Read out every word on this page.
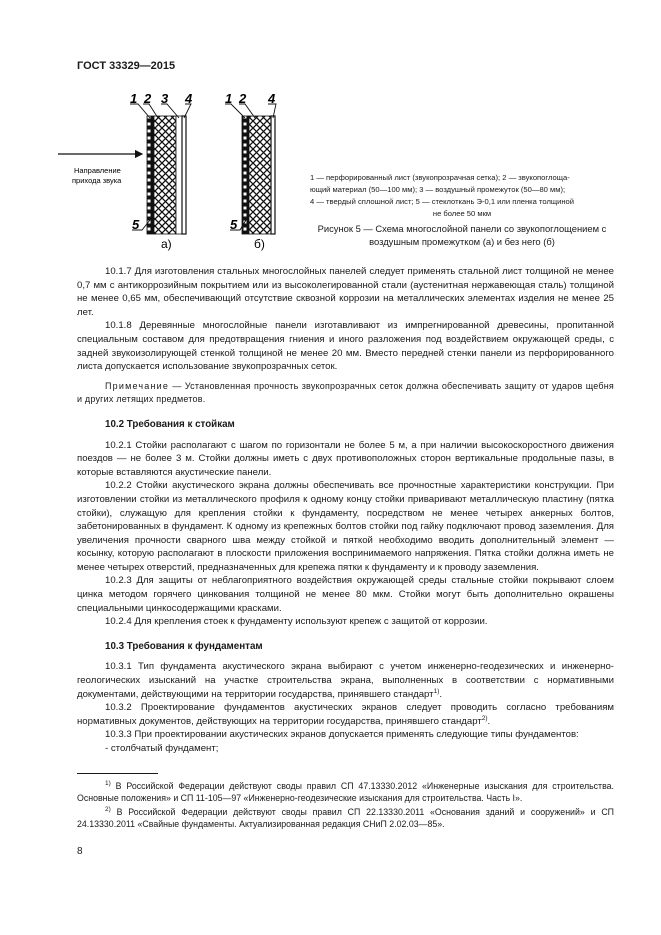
ГОСТ 33329—2015
Направление
прихода звука
1 2 3 4
5
1 2 4
5
а)	б)
1 — перфорированный лист (звукопрозрачная сетка); 2 — звукопоглоща-
ющий материал (50—100 мм); 3 — воздушный промежуток (50—80 мм);
4 — твердый сплошной лист; 5 — стеклоткань Э-0,1 или пленка толщиной
не более 50 мкм
Рисунок 5 — Схема многослойной панели со звукопоглощением с воздушным промежутком (а) и без него (б)

10.1.7 Для изготовления стальных многослойных панелей следует применять стальной лист толщиной не менее 0,7 мм с антикоррозийным покрытием или из высоколегированной стали (аустенитная нержавеющая сталь) толщиной не менее 0,65 мм, обеспечивающий отсутствие сквозной коррозии на металлических элементах изделия не менее 25 лет.

10.1.8 Деревянные многослойные панели изготавливают из импрегнированной древесины, пропитанной специальным составом для предотвращения гниения и иного разложения под воздействием окружающей среды, с задней звукоизолирующей стенкой толщиной не менее 20 мм. Вместо передней стенки панели из перфорированного листа допускается использование звукопрозрачных сеток.

Примечание — Установленная прочность звукопрозрачных сеток должна обеспечивать защиту от ударов щебня и других летящих предметов.

10.2 Требования к стойкам

10.2.1 Стойки располагают с шагом по горизонтали не более 5 м, а при наличии высокоскоростного движения поездов — не более 3 м. Стойки должны иметь с двух противоположных сторон вертикальные продольные пазы, в которые вставляются акустические панели.

10.2.2 Стойки акустического экрана должны обеспечивать все прочностные характеристики конструкции. При изготовлении стойки из металлического профиля к одному концу стойки приваривают металлическую пластину (пятка стойки), служащую для крепления стойки к фундаменту, посредством не менее четырех анкерных болтов, забетонированных в фундамент. К одному из крепежных болтов стойки под гайку подключают провод заземления. Для увеличения прочности сварного шва между стойкой и пяткой необходимо вводить дополнительный элемент — косынку, которую располагают в плоскости приложения воспринимаемого напряжения. Пятка стойки должна иметь не менее четырех отверстий, предназначенных для крепежа пятки к фундаменту и к проводу заземления.

10.2.3 Для защиты от неблагоприятного воздействия окружающей среды стальные стойки покрывают слоем цинка методом горячего цинкования толщиной не менее 80 мкм. Стойки могут быть дополнительно окрашены специальными цинкосодержащими красками.

10.2.4 Для крепления стоек к фундаменту используют крепеж с защитой от коррозии.

10.3 Требования к фундаментам

10.3.1 Тип фундамента акустического экрана выбирают с учетом инженерно-геодезических и инженерно-геологических изысканий на участке строительства экрана, выполненных в соответствии с нормативными документами, действующими на территории государства, принявшего стандарт$^{1)}$.

10.3.2 Проектирование фундаментов акустических экранов следует проводить согласно требованиям нормативных документов, действующих на территории государства, принявшего стандарт$^{2)}$.

10.3.3 При проектировании акустических экранов допускается применять следующие типы фундаментов:

- столбчатый фундамент;

$^{1)}$ В Российской Федерации действуют своды правил СП 47.13330.2012 «Инженерные изыскания для строительства. Основные положения» и СП 11-105—97 «Инженерно-геодезические изыскания для строительства. Часть I».

$^{2)}$ В Российской Федерации действуют своды правил СП 22.13330.2011 «Основания зданий и сооружений» и СП 24.13330.2011 «Свайные фундаменты. Актуализированная редакция СНиП 2.02.03—85».

8
